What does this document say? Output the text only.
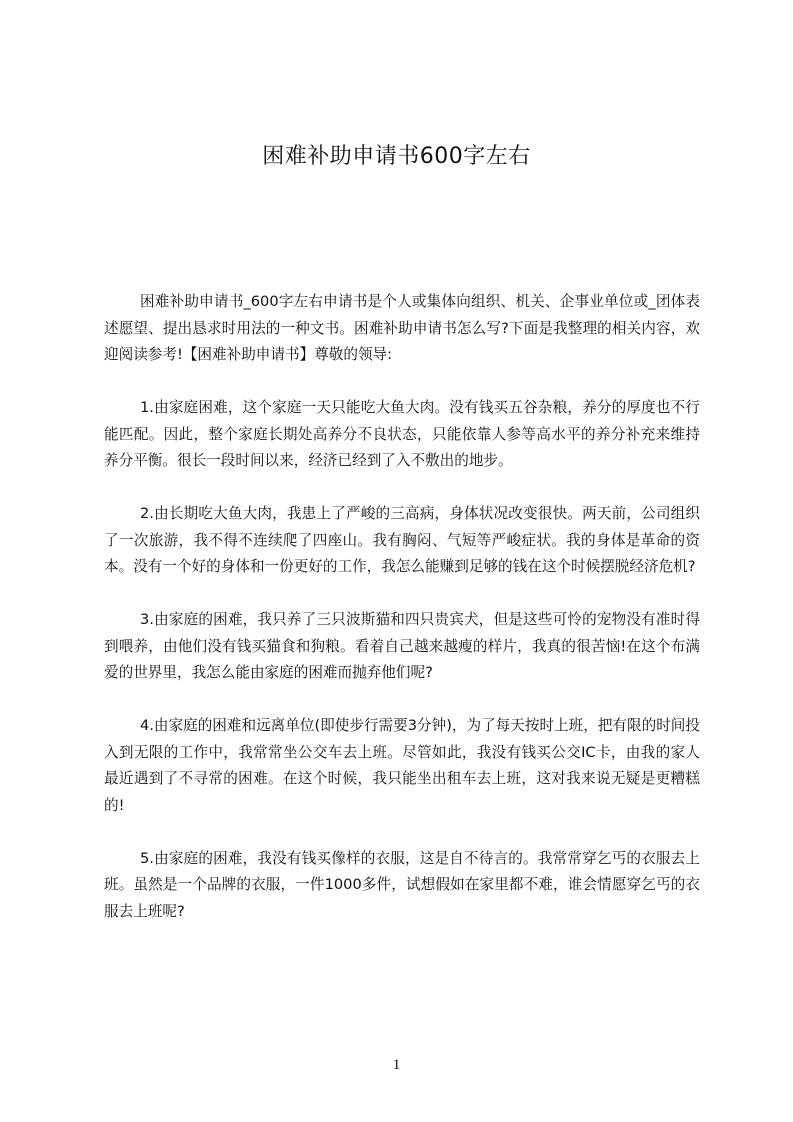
困难补助申请书600字左右

困难补助申请书_600字左右申请书是个人或集体向组织、机关、企事业单位或_团体表述愿望、提出恳求时用法的一种文书。困难补助申请书怎么写?下面是我整理的相关内容，欢迎阅读参考!【困难补助申请书】尊敬的领导:

1.由家庭困难，这个家庭一天只能吃大鱼大肉。没有钱买五谷杂粮，养分的厚度也不行能匹配。因此，整个家庭长期处高养分不良状态，只能依靠人参等高水平的养分补充来维持养分平衡。很长一段时间以来，经济已经到了入不敷出的地步。

2.由长期吃大鱼大肉，我患上了严峻的三高病，身体状况改变很快。两天前，公司组织了一次旅游，我不得不连续爬了四座山。我有胸闷、气短等严峻症状。我的身体是革命的资本。没有一个好的身体和一份更好的工作，我怎么能赚到足够的钱在这个时候摆脱经济危机?

3.由家庭的困难，我只养了三只波斯猫和四只贵宾犬，但是这些可怜的宠物没有准时得到喂养，由他们没有钱买猫食和狗粮。看着自己越来越瘦的样片，我真的很苦恼!在这个布满爱的世界里，我怎么能由家庭的困难而抛弃他们呢?

4.由家庭的困难和远离单位(即使步行需要3分钟)，为了每天按时上班，把有限的时间投入到无限的工作中，我常常坐公交车去上班。尽管如此，我没有钱买公交IC卡，由我的家人最近遇到了不寻常的困难。在这个时候，我只能坐出租车去上班，这对我来说无疑是更糟糕的!

5.由家庭的困难，我没有钱买像样的衣服，这是自不待言的。我常常穿乞丐的衣服去上班。虽然是一个品牌的衣服，一件1000多件，试想假如在家里都不难，谁会情愿穿乞丐的衣服去上班呢?

1
